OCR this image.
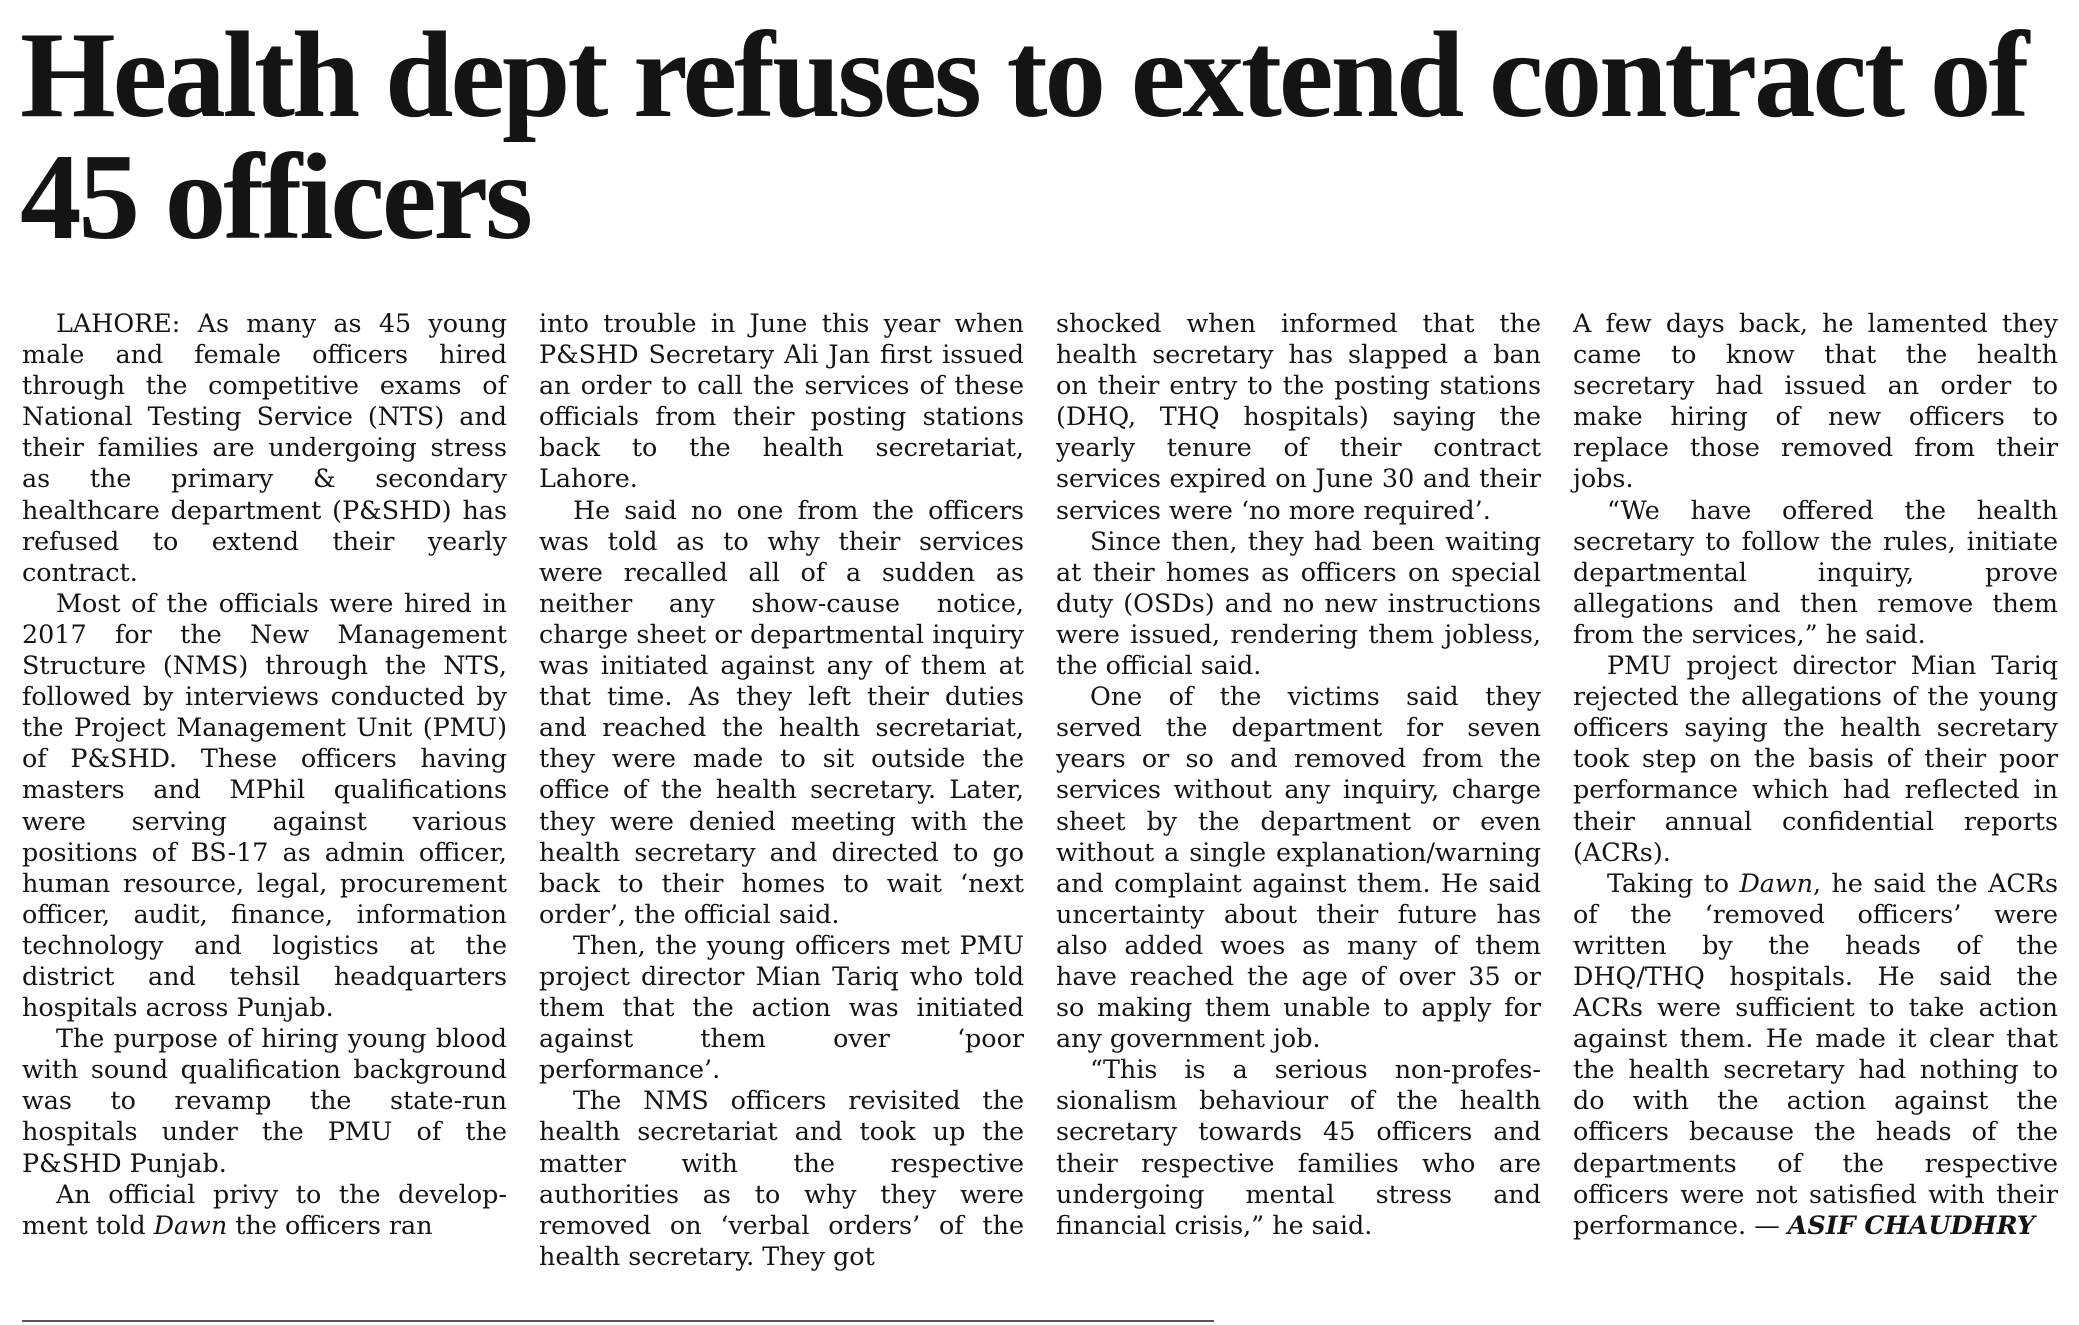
Health dept refuses to extend contract of 45 officers

LAHORE: As many as 45 young male and female officers hired through the competitive exams of National Testing Service (NTS) and their families are undergoing stress as the primary & secondary healthcare department (P&SHD) has refused to extend their yearly contract.

Most of the officials were hired in 2017 for the New Management Structure (NMS) through the NTS, followed by interviews conducted by the Project Management Unit (PMU) of P&SHD. These officers having masters and MPhil qualifications were serving against various positions of BS-17 as admin officer, human resource, legal, procurement officer, audit, finance, information technology and logistics at the district and tehsil headquarters hospitals across Punjab.

The purpose of hiring young blood with sound qualification background was to revamp the state-run hospitals under the PMU of the P&SHD Punjab.

An official privy to the development told Dawn the officers ran

into trouble in June this year when P&SHD Secretary Ali Jan first issued an order to call the services of these officials from their posting stations back to the health secretariat, Lahore.

He said no one from the officers was told as to why their services were recalled all of a sudden as neither any show-cause notice, charge sheet or departmental inquiry was initiated against any of them at that time. As they left their duties and reached the health secretariat, they were made to sit outside the office of the health secretary. Later, they were denied meeting with the health secretary and directed to go back to their homes to wait ‘next order’, the official said.

Then, the young officers met PMU project director Mian Tariq who told them that the action was initiated against them over ‘poor performance’.

The NMS officers revisited the health secretariat and took up the matter with the respective authorities as to why they were removed on ‘verbal orders’ of the health secretary. They got

shocked when informed that the health secretary has slapped a ban on their entry to the posting stations (DHQ, THQ hospitals) saying the yearly tenure of their contract services expired on June 30 and their services were ‘no more required’.

Since then, they had been waiting at their homes as officers on special duty (OSDs) and no new instructions were issued, rendering them jobless, the official said.

One of the victims said they served the department for seven years or so and removed from the services without any inquiry, charge sheet by the department or even without a single explanation/warning and complaint against them. He said uncertainty about their future has also added woes as many of them have reached the age of over 35 or so making them unable to apply for any government job.

“This is a serious non-professionalism behaviour of the health secretary towards 45 officers and their respective families who are undergoing mental stress and financial crisis,” he said.

A few days back, he lamented they came to know that the health secretary had issued an order to make hiring of new officers to replace those removed from their jobs.

“We have offered the health secretary to follow the rules, initiate departmental inquiry, prove allegations and then remove them from the services,” he said.

PMU project director Mian Tariq rejected the allegations of the young officers saying the health secretary took step on the basis of their poor performance which had reflected in their annual confidential reports (ACRs).

Taking to Dawn, he said the ACRs of the ‘removed officers’ were written by the heads of the DHQ/THQ hospitals. He said the ACRs were sufficient to take action against them. He made it clear that the health secretary had nothing to do with the action against the officers because the heads of the departments of the respective officers were not satisfied with their performance. — ASIF CHAUDHRY
